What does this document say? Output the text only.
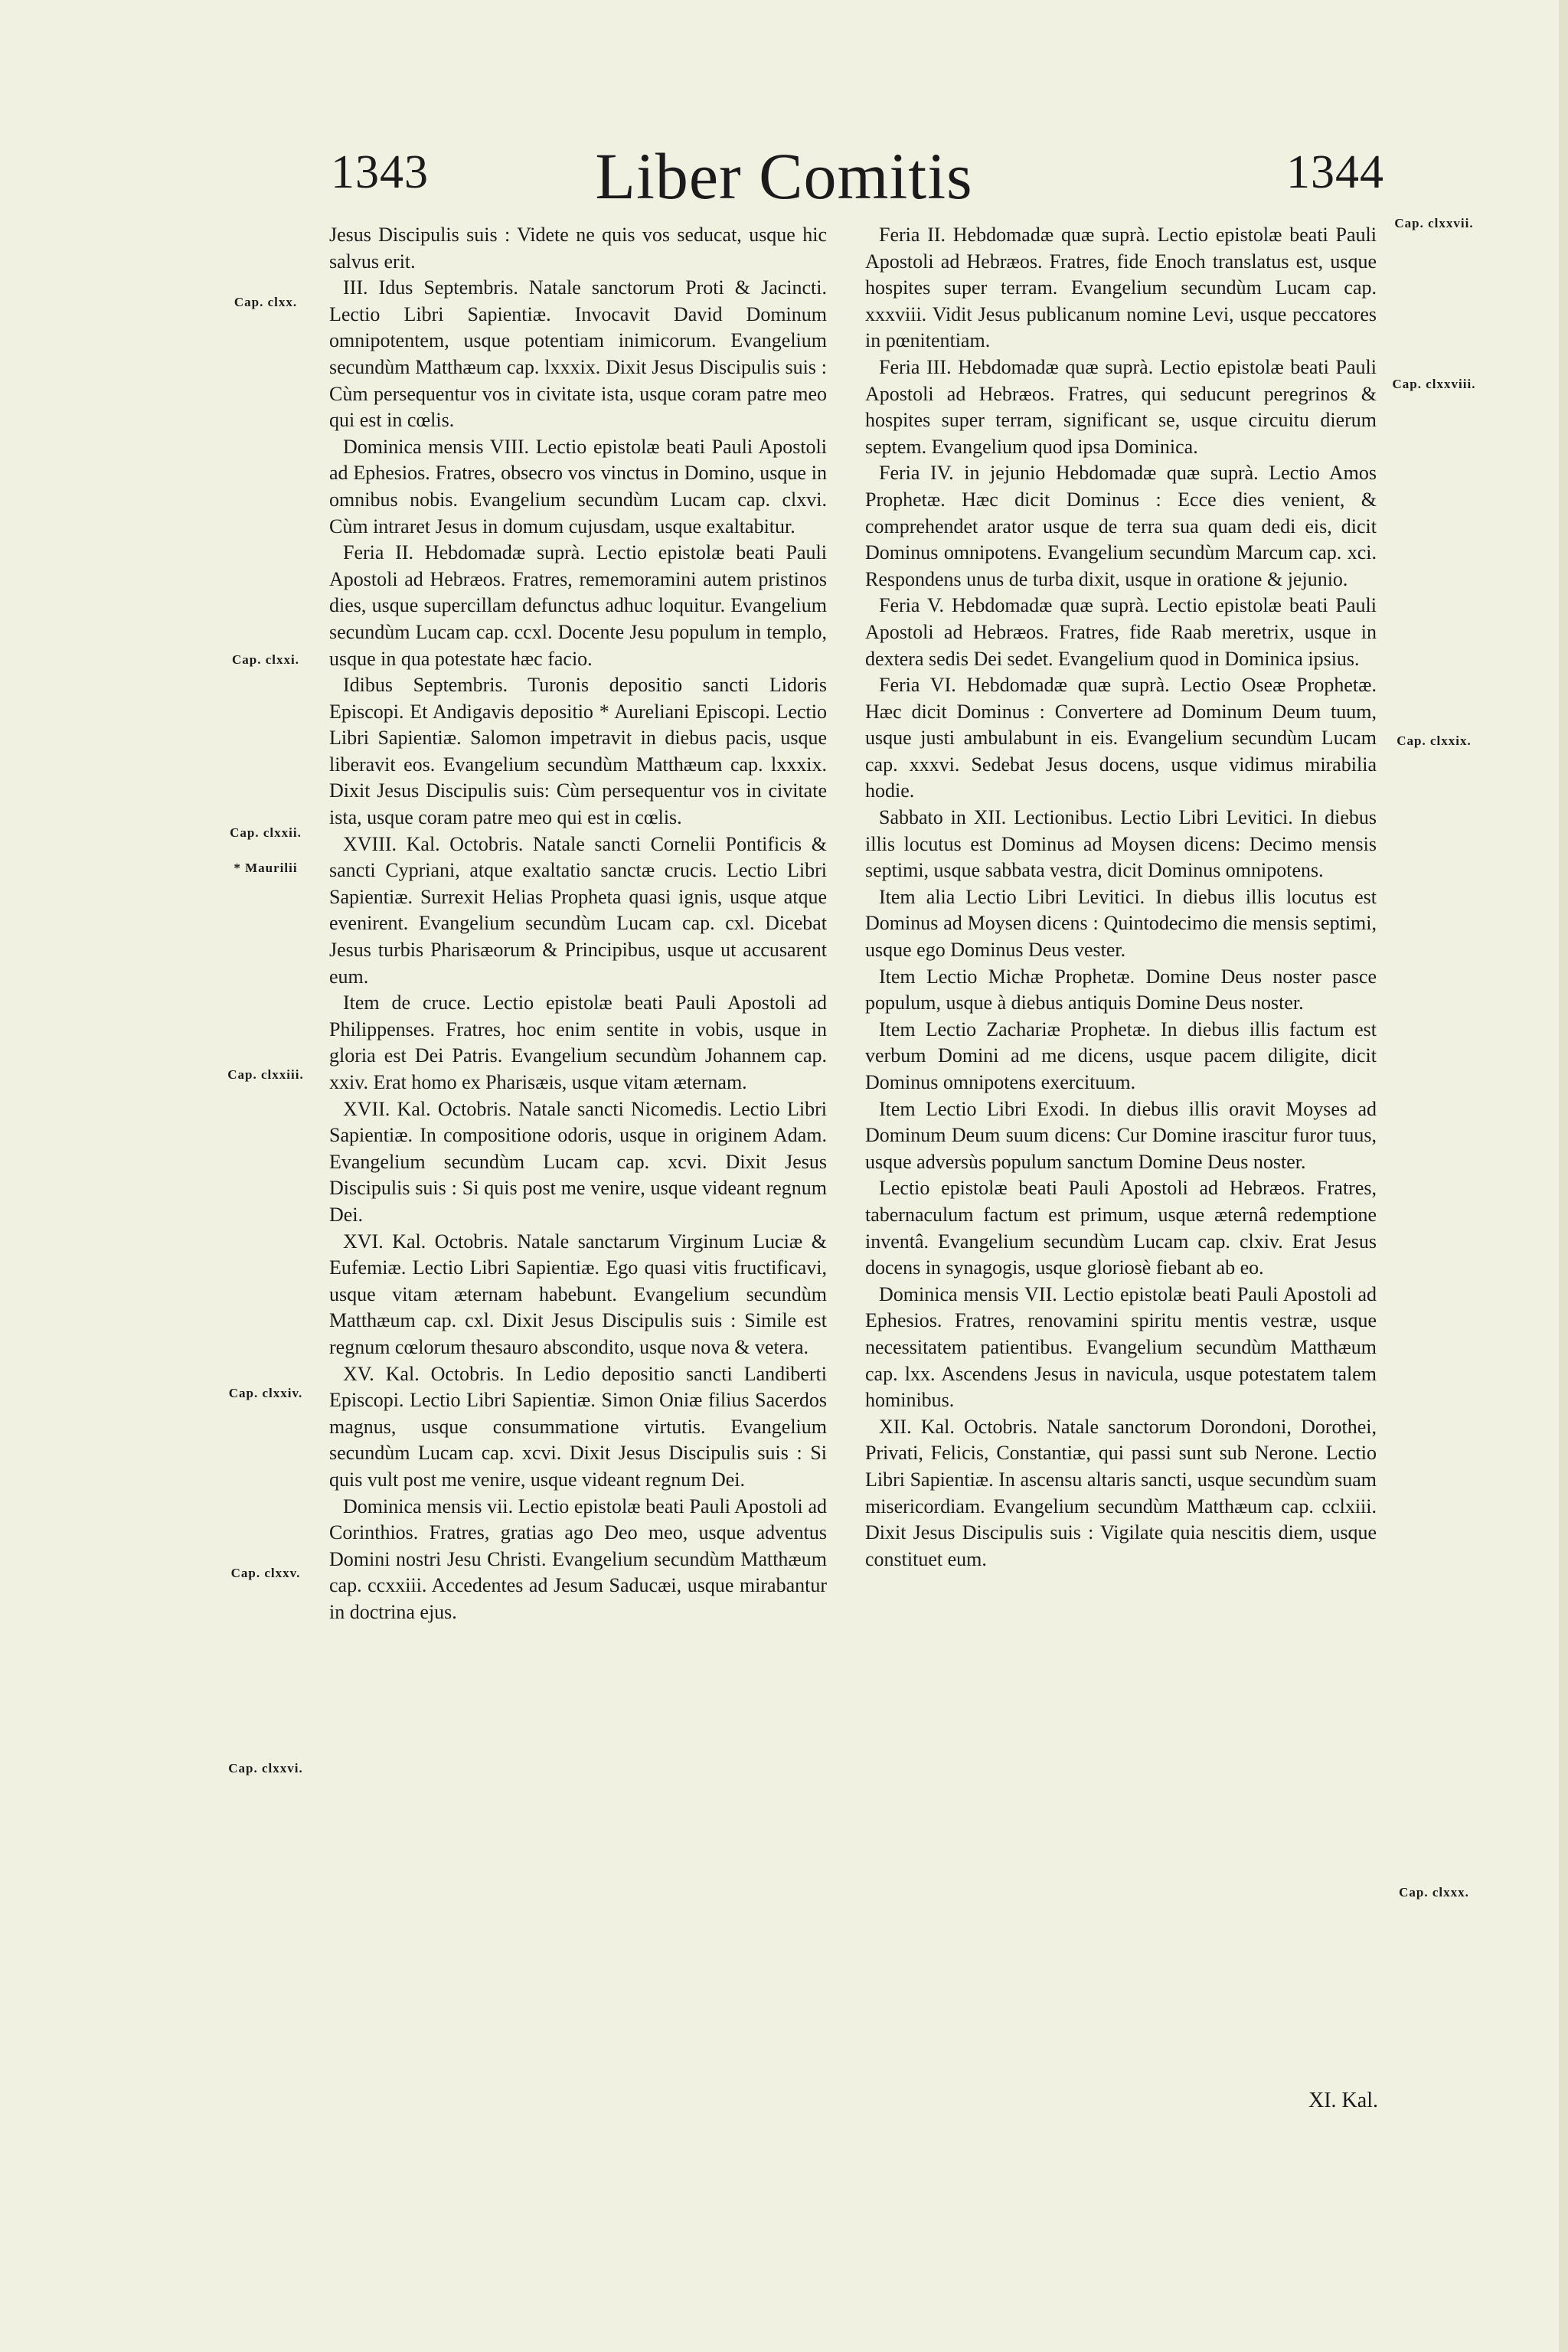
1343	Liber Comitis	1344

Jesus Discipulis suis : Videte ne quis vos seducat, usque hic salvus erit.

III. Idus Septembris. Natale sanctorum Proti & Jacincti. Lectio Libri Sapientiæ. Invocavit David Dominum omnipotentem, usque potentiam inimicorum. Evangelium secundùm Matthæum cap. lxxxix. Dixit Jesus Discipulis suis : Cùm persequentur vos in civitate ista, usque coram patre meo qui est in cœlis.

Dominica mensis VIII. Lectio epistolæ beati Pauli Apostoli ad Ephesios. Fratres, obsecro vos vinctus in Domino, usque in omnibus nobis. Evangelium secundùm Lucam cap. clxvi. Cùm intraret Jesus in domum cujusdam, usque exaltabitur.

Feria II. Hebdomadæ suprà. Lectio epistolæ beati Pauli Apostoli ad Hebræos. Fratres, rememoramini autem pristinos dies, usque supercillam defunctus adhuc loquitur. Evangelium secundùm Lucam cap. ccxl. Docente Jesu populum in templo, usque in qua potestate hæc facio.

Idibus Septembris. Turonis depositio sancti Lidoris Episcopi. Et Andigavis depositio * Aureliani Episcopi. Lectio Libri Sapientiæ. Salomon impetravit in diebus pacis, usque liberavit eos. Evangelium secundùm Matthæum cap. lxxxix. Dixit Jesus Discipulis suis: Cùm persequentur vos in civitate ista, usque coram patre meo qui est in cœlis.

XVIII. Kal. Octobris. Natale sancti Cornelii Pontificis & sancti Cypriani, atque exaltatio sanctæ crucis. Lectio Libri Sapientiæ. Surrexit Helias Propheta quasi ignis, usque atque evenirent. Evangelium secundùm Lucam cap. cxl. Dicebat Jesus turbis Pharisæorum & Principibus, usque ut accusarent eum.

Item de cruce. Lectio epistolæ beati Pauli Apostoli ad Philippenses. Fratres, hoc enim sentite in vobis, usque in gloria est Dei Patris. Evangelium secundùm Johannem cap. xxiv. Erat homo ex Pharisæis, usque vitam æternam.

XVII. Kal. Octobris. Natale sancti Nicomedis. Lectio Libri Sapientiæ. In compositione odoris, usque in originem Adam. Evangelium secundùm Lucam cap. xcvi. Dixit Jesus Discipulis suis : Si quis post me venire, usque videant regnum Dei.

XVI. Kal. Octobris. Natale sanctarum Virginum Luciæ & Eufemiæ. Lectio Libri Sapientiæ. Ego quasi vitis fructificavi, usque vitam æternam habebunt. Evangelium secundùm Matthæum cap. cxl. Dixit Jesus Discipulis suis : Simile est regnum cœlorum thesauro abscondito, usque nova & vetera.

XV. Kal. Octobris. In Ledio depositio sancti Landiberti Episcopi. Lectio Libri Sapientiæ. Simon Oniæ filius Sacerdos magnus, usque consummatione virtutis. Evangelium secundùm Lucam cap. xcvi. Dixit Jesus Discipulis suis : Si quis vult post me venire, usque videant regnum Dei.

Dominica mensis vii. Lectio epistolæ beati Pauli Apostoli ad Corinthios. Fratres, gratias ago Deo meo, usque adventus Domini nostri Jesu Christi. Evangelium secundùm Matthæum cap. ccxxiii. Accedentes ad Jesum Saducæi, usque mirabantur in doctrina ejus.

Feria II. Hebdomadæ quæ suprà. Lectio epistolæ beati Pauli Apostoli ad Hebræos. Fratres, fide Enoch translatus est, usque hospites super terram. Evangelium secundùm Lucam cap. xxxviii. Vidit Jesus publicanum nomine Levi, usque peccatores in pœnitentiam.

Feria III. Hebdomadæ quæ suprà. Lectio epistolæ beati Pauli Apostoli ad Hebræos. Fratres, qui seducunt peregrinos & hospites super terram, significant se, usque circuitu dierum septem. Evangelium quod ipsa Dominica.

Feria IV. in jejunio Hebdomadæ quæ suprà. Lectio Amos Prophetæ. Hæc dicit Dominus : Ecce dies venient, & comprehendet arator usque de terra sua quam dedi eis, dicit Dominus omnipotens. Evangelium secundùm Marcum cap. xci. Respondens unus de turba dixit, usque in oratione & jejunio.

Feria V. Hebdomadæ quæ suprà. Lectio epistolæ beati Pauli Apostoli ad Hebræos. Fratres, fide Raab meretrix, usque in dextera sedis Dei sedet. Evangelium quod in Dominica ipsius.

Feria VI. Hebdomadæ quæ suprà. Lectio Oseæ Prophetæ. Hæc dicit Dominus : Convertere ad Dominum Deum tuum, usque justi ambulabunt in eis. Evangelium secundùm Lucam cap. xxxvi. Sedebat Jesus docens, usque vidimus mirabilia hodie.

Sabbato in XII. Lectionibus. Lectio Libri Levitici. In diebus illis locutus est Dominus ad Moysen dicens: Decimo mensis septimi, usque sabbata vestra, dicit Dominus omnipotens.

Item alia Lectio Libri Levitici. In diebus illis locutus est Dominus ad Moysen dicens : Quintodecimo die mensis septimi, usque ego Dominus Deus vester.

Item Lectio Michæ Prophetæ. Domine Deus noster pasce populum, usque à diebus antiquis Domine Deus noster.

Item Lectio Zachariæ Prophetæ. In diebus illis factum est verbum Domini ad me dicens, usque pacem diligite, dicit Dominus omnipotens exercituum.

Item Lectio Libri Exodi. In diebus illis oravit Moyses ad Dominum Deum suum dicens: Cur Domine irascitur furor tuus, usque adversùs populum sanctum Domine Deus noster.

Lectio epistolæ beati Pauli Apostoli ad Hebræos. Fratres, tabernaculum factum est primum, usque æternâ redemptione inventâ. Evangelium secundùm Lucam cap. clxiv. Erat Jesus docens in synagogis, usque gloriosè fiebant ab eo.

Dominica mensis VII. Lectio epistolæ beati Pauli Apostoli ad Ephesios. Fratres, renovamini spiritu mentis vestræ, usque necessitatem patientibus. Evangelium secundùm Matthæum cap. lxx. Ascendens Jesus in navicula, usque potestatem talem hominibus.

XII. Kal. Octobris. Natale sanctorum Dorondoni, Dorothei, Privati, Felicis, Constantiæ, qui passi sunt sub Nerone. Lectio Libri Sapientiæ. In ascensu altaris sancti, usque secundùm suam misericordiam. Evangelium secundùm Matthæum cap. cclxiii. Dixit Jesus Discipulis suis : Vigilate quia nescitis diem, usque constituet eum.

Cap. clxx.
Cap. clxxi.
Cap. clxxii.
* Maurilii
Cap. clxxiii.
Cap. clxxiv.
Cap. clxxv.
Cap. clxxvi.
Cap. clxxvii.
Cap. clxxviii.
Cap. clxxix.
Cap. clxxx.
XI. Kal.
